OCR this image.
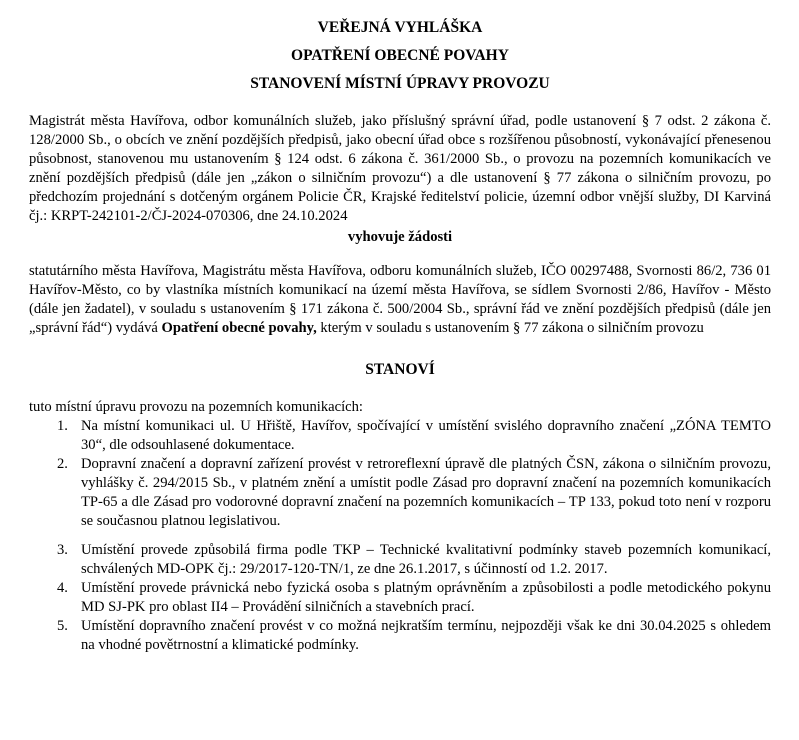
VEŘEJNÁ VYHLÁŠKA

OPATŘENÍ OBECNÉ POVAHY

STANOVENÍ MÍSTNÍ ÚPRAVY PROVOZU

Magistrát města Havířova, odbor komunálních služeb, jako příslušný správní úřad, podle ustanovení § 7 odst. 2 zákona č. 128/2000 Sb., o obcích ve znění pozdějších předpisů, jako obecní úřad obce s rozšířenou působností, vykonávající přenesenou působnost, stanovenou mu ustanovením § 124 odst. 6 zákona č. 361/2000 Sb., o provozu na pozemních komunikacích ve znění pozdějších předpisů (dále jen „zákon o silničním provozu“) a dle ustanovení § 77 zákona o silničním provozu, po předchozím projednání s dotčeným orgánem Policie ČR, Krajské ředitelství policie, územní odbor vnější služby, DI Karviná čj.: KRPT-242101-2/ČJ-2024-070306, dne 24.10.2024

vyhovuje žádosti

statutárního města Havířova, Magistrátu města Havířova, odboru komunálních služeb, IČO 00297488, Svornosti 86/2, 736 01 Havířov-Město, co by vlastníka místních komunikací na území města Havířova, se sídlem Svornosti 2/86, Havířov - Město (dále jen žadatel), v souladu s ustanovením § 171 zákona č. 500/2004 Sb., správní řád ve znění pozdějších předpisů (dále jen „správní řád“) vydává Opatření obecné povahy, kterým v souladu s ustanovením § 77 zákona o silničním provozu

STANOVÍ

tuto místní úpravu provozu na pozemních komunikacích:

1. Na místní komunikaci ul. U Hřiště, Havířov, spočívající v umístění svislého dopravního značení „ZÓNA TEMTO 30“, dle odsouhlasené dokumentace.
2. Dopravní značení a dopravní zařízení provést v retroreflexní úpravě dle platných ČSN, zákona o silničním provozu, vyhlášky č. 294/2015 Sb., v platném znění a umístit podle Zásad pro dopravní značení na pozemních komunikacích TP-65 a dle Zásad pro vodorovné dopravní značení na pozemních komunikacích – TP 133, pokud toto není v rozporu se současnou platnou legislativou.
3. Umístění provede způsobilá firma podle TKP – Technické kvalitativní podmínky staveb pozemních komunikací, schválených MD-OPK čj.: 29/2017-120-TN/1, ze dne 26.1.2017, s účinností od 1.2. 2017.
4. Umístění provede právnická nebo fyzická osoba s platným oprávněním a způsobilosti a podle metodického pokynu MD SJ-PK pro oblast II4 – Provádění silničních a stavebních prací.
5. Umístění dopravního značení provést v co možná nejkratším termínu, nejpozději však ke dni 30.04.2025 s ohledem na vhodné povětrnostní a klimatické podmínky.
